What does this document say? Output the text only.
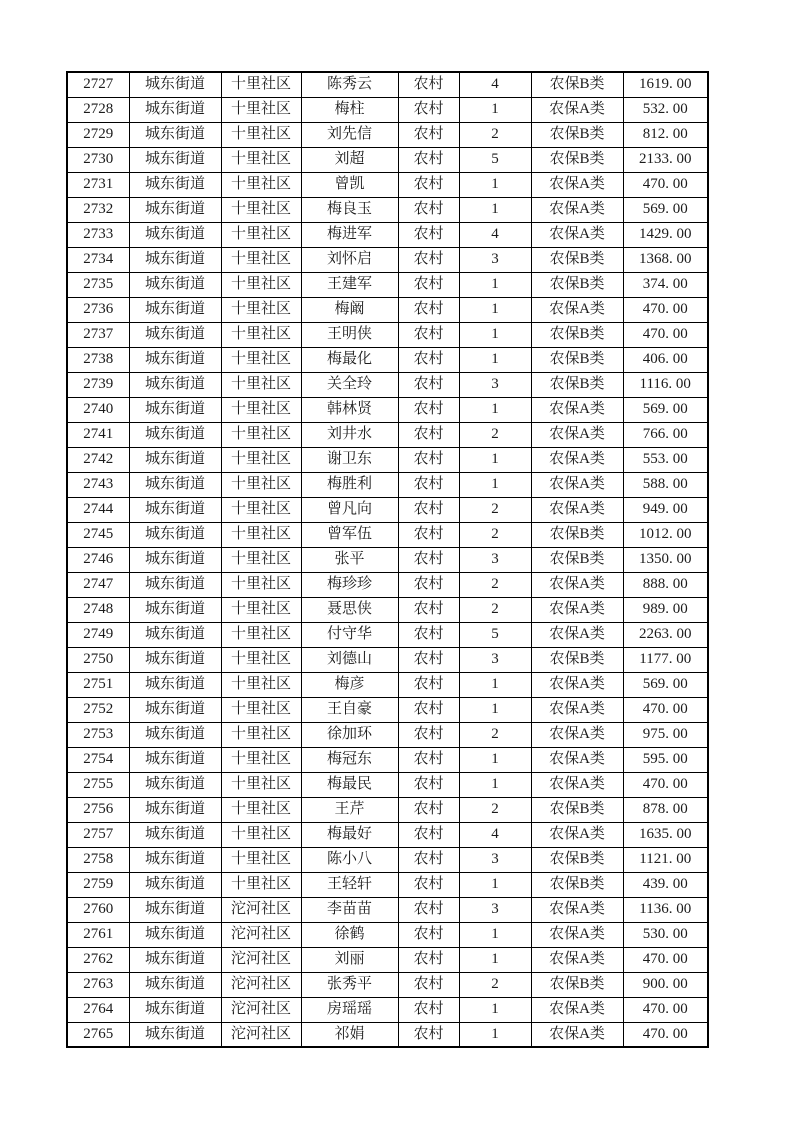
2727	城东街道	十里社区	陈秀云	农村	4	农保B类	1619. 00
2728	城东街道	十里社区	梅柱	农村	1	农保A类	532. 00
2729	城东街道	十里社区	刘先信	农村	2	农保B类	812. 00
2730	城东街道	十里社区	刘超	农村	5	农保B类	2133. 00
2731	城东街道	十里社区	曾凯	农村	1	农保A类	470. 00
2732	城东街道	十里社区	梅良玉	农村	1	农保A类	569. 00
2733	城东街道	十里社区	梅进军	农村	4	农保A类	1429. 00
2734	城东街道	十里社区	刘怀启	农村	3	农保B类	1368. 00
2735	城东街道	十里社区	王建军	农村	1	农保B类	374. 00
2736	城东街道	十里社区	梅阚	农村	1	农保A类	470. 00
2737	城东街道	十里社区	王明侠	农村	1	农保B类	470. 00
2738	城东街道	十里社区	梅最化	农村	1	农保B类	406. 00
2739	城东街道	十里社区	关全玲	农村	3	农保B类	1116. 00
2740	城东街道	十里社区	韩林贤	农村	1	农保A类	569. 00
2741	城东街道	十里社区	刘井水	农村	2	农保A类	766. 00
2742	城东街道	十里社区	谢卫东	农村	1	农保A类	553. 00
2743	城东街道	十里社区	梅胜利	农村	1	农保A类	588. 00
2744	城东街道	十里社区	曾凡向	农村	2	农保A类	949. 00
2745	城东街道	十里社区	曾军伍	农村	2	农保B类	1012. 00
2746	城东街道	十里社区	张平	农村	3	农保B类	1350. 00
2747	城东街道	十里社区	梅珍珍	农村	2	农保A类	888. 00
2748	城东街道	十里社区	聂思侠	农村	2	农保A类	989. 00
2749	城东街道	十里社区	付守华	农村	5	农保A类	2263. 00
2750	城东街道	十里社区	刘德山	农村	3	农保B类	1177. 00
2751	城东街道	十里社区	梅彦	农村	1	农保A类	569. 00
2752	城东街道	十里社区	王自豪	农村	1	农保A类	470. 00
2753	城东街道	十里社区	徐加环	农村	2	农保A类	975. 00
2754	城东街道	十里社区	梅冠东	农村	1	农保A类	595. 00
2755	城东街道	十里社区	梅最民	农村	1	农保A类	470. 00
2756	城东街道	十里社区	王芹	农村	2	农保B类	878. 00
2757	城东街道	十里社区	梅最好	农村	4	农保A类	1635. 00
2758	城东街道	十里社区	陈小八	农村	3	农保B类	1121. 00
2759	城东街道	十里社区	王轻轩	农村	1	农保B类	439. 00
2760	城东街道	沱河社区	李苗苗	农村	3	农保A类	1136. 00
2761	城东街道	沱河社区	徐鹤	农村	1	农保A类	530. 00
2762	城东街道	沱河社区	刘丽	农村	1	农保A类	470. 00
2763	城东街道	沱河社区	张秀平	农村	2	农保B类	900. 00
2764	城东街道	沱河社区	房瑶瑶	农村	1	农保A类	470. 00
2765	城东街道	沱河社区	祁娟	农村	1	农保A类	470. 00
